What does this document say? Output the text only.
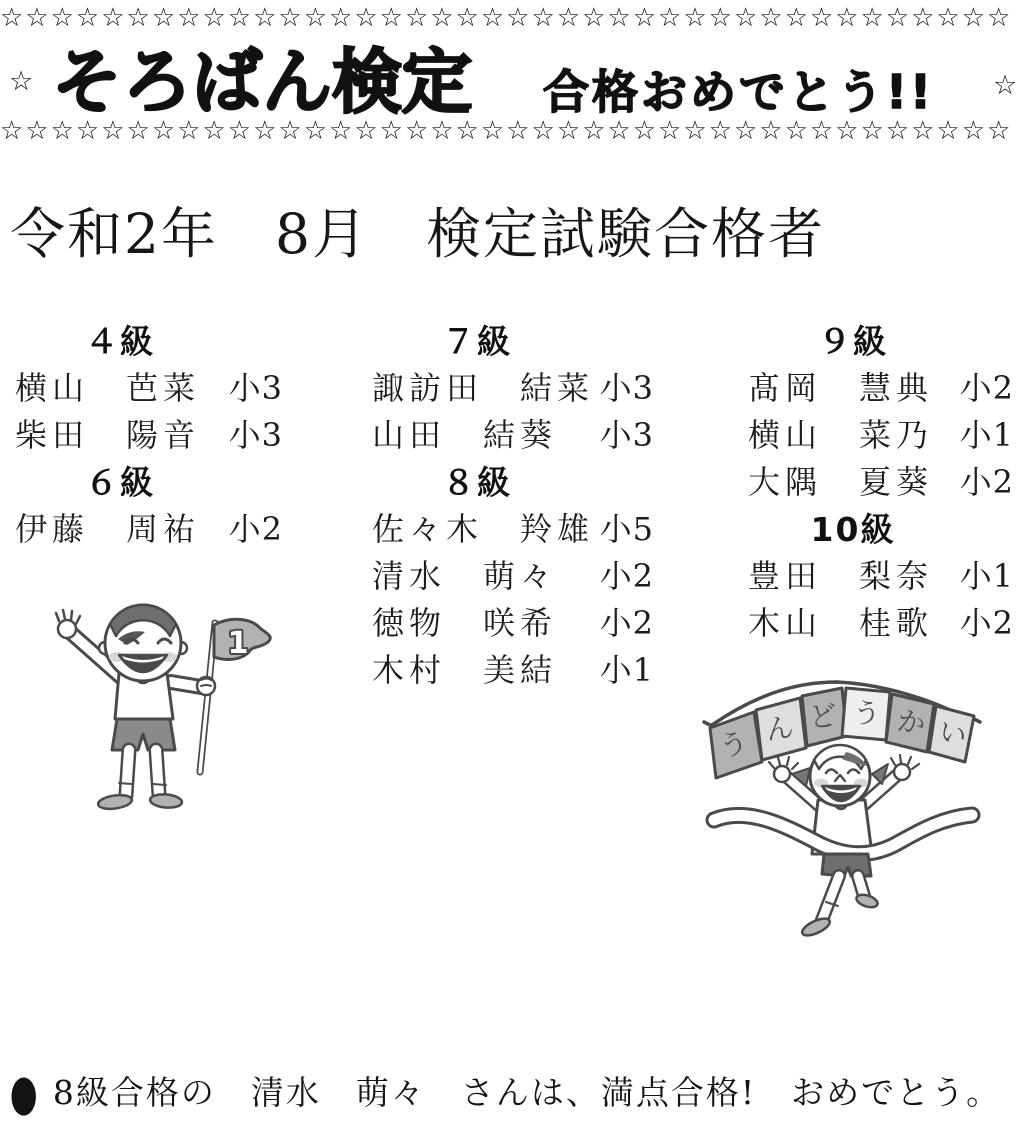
☆☆☆☆☆☆☆☆☆☆☆☆☆☆☆☆☆☆☆☆☆☆☆☆☆☆☆☆☆☆☆☆☆☆☆☆☆☆☆☆
☆ そろばん検定 合格おめでとう!! ☆
☆☆☆☆☆☆☆☆☆☆☆☆☆☆☆☆☆☆☆☆☆☆☆☆☆☆☆☆☆☆☆☆☆☆☆☆☆☆☆☆
令和2年　8月　検定試験合格者
４級
横山　芭菜 小3
柴田　陽音 小3
６級
伊藤　周祐 小2
７級
諏訪田　結菜 小3
山田　結葵 小3
８級
佐々木　羚雄 小5
清水　萌々 小2
徳物　咲希 小2
木村　美結 小1
９級
髙岡　慧典 小2
横山　菜乃 小1
大隅　夏葵 小2
10級
豊田　梨奈 小1
木山　桂歌 小2
1
う ん ど う か い

● 8級合格の　清水　萌々　さんは、満点合格!　おめでとう。
